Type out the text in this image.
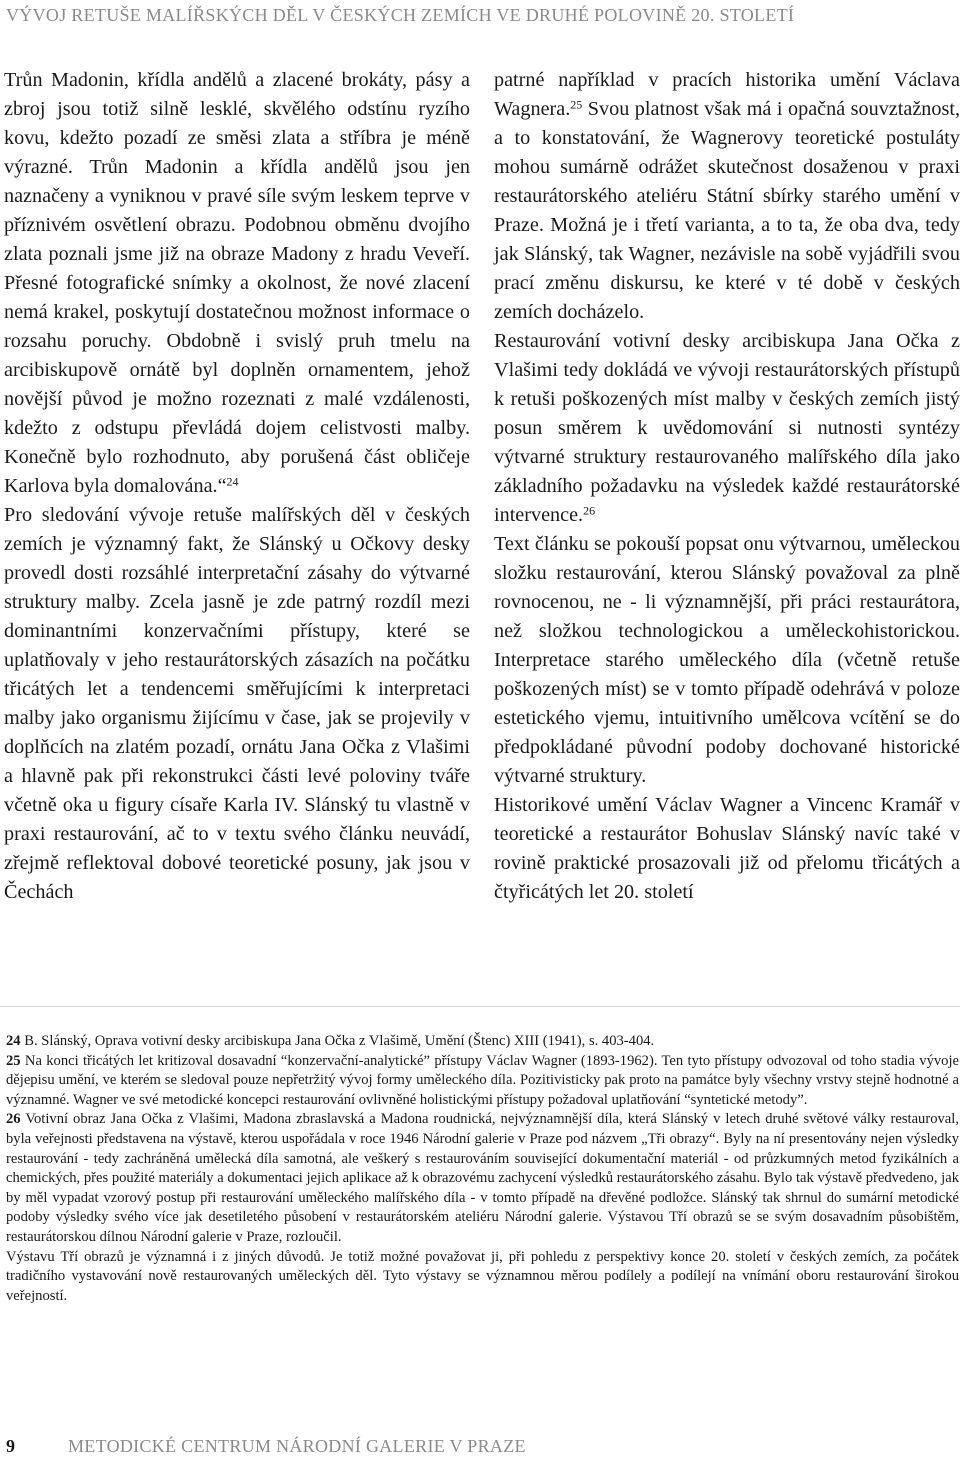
VÝVOJ RETUŠE MALÍŘSKÝCH DĚL V ČESKÝCH ZEMÍCH VE DRUHÉ POLOVINĚ 20. STOLETÍ

Trůn Madonin, křídla andělů a zlacené brokáty, pásy a zbroj jsou totiž silně lesklé, skvělého odstínu ryzího kovu, kdežto pozadí ze směsi zlata a stříbra je méně výrazné. Trůn Madonin a křídla andělů jsou jen naznačeny a vyniknou v pravé síle svým leskem teprve v příznivém osvětlení obrazu. Podobnou obměnu dvojího zlata poznali jsme již na obraze Madony z hradu Veveří. Přesné fotografické snímky a okolnost, že nové zlacení nemá krakel, poskytují dostatečnou možnost informace o rozsahu poruchy. Obdobně i svislý pruh tmelu na arcibiskupově ornátě byl doplněn ornamentem, jehož novější původ je možno rozeznati z malé vzdálenosti, kdežto z odstupu převládá dojem celistvosti malby. Konečně bylo rozhodnuto, aby porušená část obličeje Karlova byla domalována.“$^{24}$

Pro sledování vývoje retuše malířských děl v českých zemích je významný fakt, že Slánský u Očkovy desky provedl dosti rozsáhlé interpretační zásahy do výtvarné struktury malby. Zcela jasně je zde patrný rozdíl mezi dominantními konzervačními přístupy, které se uplatňovaly v jeho restaurátorských zásazích na počátku třicátých let a tendencemi směřujícími k interpretaci malby jako organismu žijícímu v čase, jak se projevily v doplňcích na zlatém pozadí, ornátu Jana Očka z Vlašimi a hlavně pak při rekonstrukci části levé poloviny tváře včetně oka u figury císaře Karla IV. Slánský tu vlastně v praxi restaurování, ač to v textu svého článku neuvádí, zřejmě reflektoval dobové teoretické posuny, jak jsou v Čechách

patrné například v pracích historika umění Václava Wagnera.$^{25}$ Svou platnost však má i opačná souvztažnost, a to konstatování, že Wagnerovy teoretické postuláty mohou sumárně odrážet skutečnost dosaženou v praxi restaurátorského ateliéru Státní sbírky starého umění v Praze. Možná je i třetí varianta, a to ta, že oba dva, tedy jak Slánský, tak Wagner, nezávisle na sobě vyjádřili svou prací změnu diskursu, ke které v té době v českých zemích docházelo.

Restaurování votivní desky arcibiskupa Jana Očka z Vlašimi tedy dokládá ve vývoji restaurátorských přístupů k retuši poškozených míst malby v českých zemích jistý posun směrem k uvědomování si nutnosti syntézy výtvarné struktury restaurovaného malířského díla jako základního požadavku na výsledek každé restaurátorské intervence.$^{26}$

Text článku se pokouší popsat onu výtvarnou, uměleckou složku restaurování, kterou Slánský považoval za plně rovnocenou, ne - li významnější, při práci restaurátora, než složkou technologickou a uměleckohistorickou. Interpretace starého uměleckého díla (včetně retuše poškozených míst) se v tomto případě odehrává v poloze estetického vjemu, intuitivního umělcova vcítění se do předpokládané původní podoby dochované historické výtvarné struktury.

Historikové umění Václav Wagner a Vincenc Kramář v teoretické a restaurátor Bohuslav Slánský navíc také v rovině praktické prosazovali již od přelomu třicátých a čtyřicátých let 20. století

24 B. Slánský, Oprava votivní desky arcibiskupa Jana Očka z Vlašimě, Umění (Štenc) XIII (1941), s. 403-404.

25 Na konci třicátých let kritizoval dosavadní “konzervační-analytické” přístupy Václav Wagner (1893-1962). Ten tyto přístupy odvozoval od toho stadia vývoje dějepisu umění, ve kterém se sledoval pouze nepřetržitý vývoj formy uměleckého díla. Pozitivisticky pak proto na památce byly všechny vrstvy stejně hodnotné a významné. Wagner ve své metodické koncepci restaurování ovlivněné holistickými přístupy požadoval uplatňování “syntetické metody”.

26 Votivní obraz Jana Očka z Vlašimi, Madona zbraslavská a Madona roudnická, nejvýznamnější díla, která Slánský v letech druhé světové války restauroval, byla veřejnosti představena na výstavě, kterou uspořádala v roce 1946 Národní galerie v Praze pod názvem „Tři obrazy“. Byly na ní presentovány nejen výsledky restaurování - tedy zachráněná umělecká díla samotná, ale veškerý s restaurováním související dokumentační materiál - od průzkumných metod fyzikálních a chemických, přes použité materiály a dokumentaci jejich aplikace až k obrazovému zachycení výsledků restaurátorského zásahu. Bylo tak výstavě předvedeno, jak by měl vypadat vzorový postup při restaurování uměleckého malířského díla - v tomto případě na dřevěné podložce. Slánský tak shrnul do sumární metodické podoby výsledky svého více jak desetiletého působení v restaurátorském ateliéru Národní galerie. Výstavou Tří obrazů se se svým dosavadním působištěm, restaurátorskou dílnou Národní galerie v Praze, rozloučil.

Výstavu Tří obrazů je významná i z jiných důvodů. Je totiž možné považovat ji, při pohledu z perspektivy konce 20. století v českých zemích, za počátek tradičního vystavování nově restaurovaných uměleckých děl. Tyto výstavy se významnou měrou podílely a podílejí na vnímání oboru restaurování širokou veřejností.

9	METODICKÉ CENTRUM NÁRODNÍ GALERIE V PRAZE
